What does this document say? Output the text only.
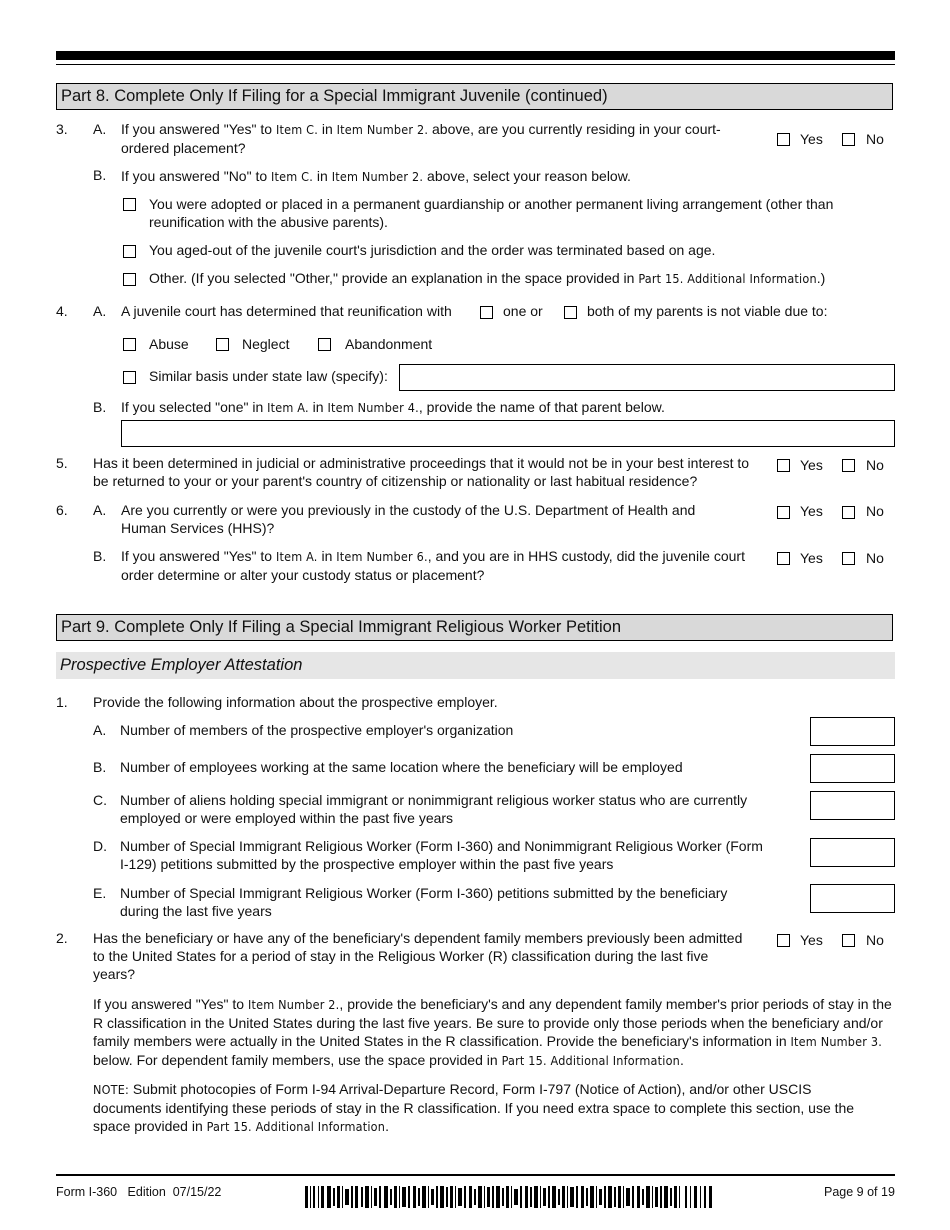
Part 8. Complete Only If Filing for a Special Immigrant Juvenile (continued)
3. A. If you answered "Yes" to Item C. in Item Number 2. above, are you currently residing in your court-ordered placement?
Yes	No
B. If you answered "No" to Item C. in Item Number 2. above, select your reason below.
You were adopted or placed in a permanent guardianship or another permanent living arrangement (other than reunification with the abusive parents).
You aged-out of the juvenile court's jurisdiction and the order was terminated based on age.
Other. (If you selected "Other," provide an explanation in the space provided in Part 15. Additional Information.)
4. A. A juvenile court has determined that reunification with	one or	both of my parents is not viable due to:
Abuse	Neglect	Abandonment
Similar basis under state law (specify):
B. If you selected "one" in Item A. in Item Number 4., provide the name of that parent below.
5. Has it been determined in judicial or administrative proceedings that it would not be in your best interest to be returned to your or your parent's country of citizenship or nationality or last habitual residence?
Yes	No
6. A. Are you currently or were you previously in the custody of the U.S. Department of Health and Human Services (HHS)?
Yes	No
B. If you answered "Yes" to Item A. in Item Number 6., and you are in HHS custody, did the juvenile court order determine or alter your custody status or placement?
Yes	No
Part 9. Complete Only If Filing a Special Immigrant Religious Worker Petition
Prospective Employer Attestation
1. Provide the following information about the prospective employer.
A. Number of members of the prospective employer's organization
B. Number of employees working at the same location where the beneficiary will be employed
C. Number of aliens holding special immigrant or nonimmigrant religious worker status who are currently employed or were employed within the past five years
D. Number of Special Immigrant Religious Worker (Form I-360) and Nonimmigrant Religious Worker (Form I-129) petitions submitted by the prospective employer within the past five years
E. Number of Special Immigrant Religious Worker (Form I-360) petitions submitted by the beneficiary during the last five years
2. Has the beneficiary or have any of the beneficiary's dependent family members previously been admitted to the United States for a period of stay in the Religious Worker (R) classification during the last five years?
Yes	No
If you answered "Yes" to Item Number 2., provide the beneficiary's and any dependent family member's prior periods of stay in the R classification in the United States during the last five years. Be sure to provide only those periods when the beneficiary and/or family members were actually in the United States in the R classification. Provide the beneficiary's information in Item Number 3. below. For dependent family members, use the space provided in Part 15. Additional Information.
NOTE: Submit photocopies of Form I-94 Arrival-Departure Record, Form I-797 (Notice of Action), and/or other USCIS documents identifying these periods of stay in the R classification. If you need extra space to complete this section, use the space provided in Part 15. Additional Information.
Form I-360   Edition  07/15/22	Page 9 of 19
